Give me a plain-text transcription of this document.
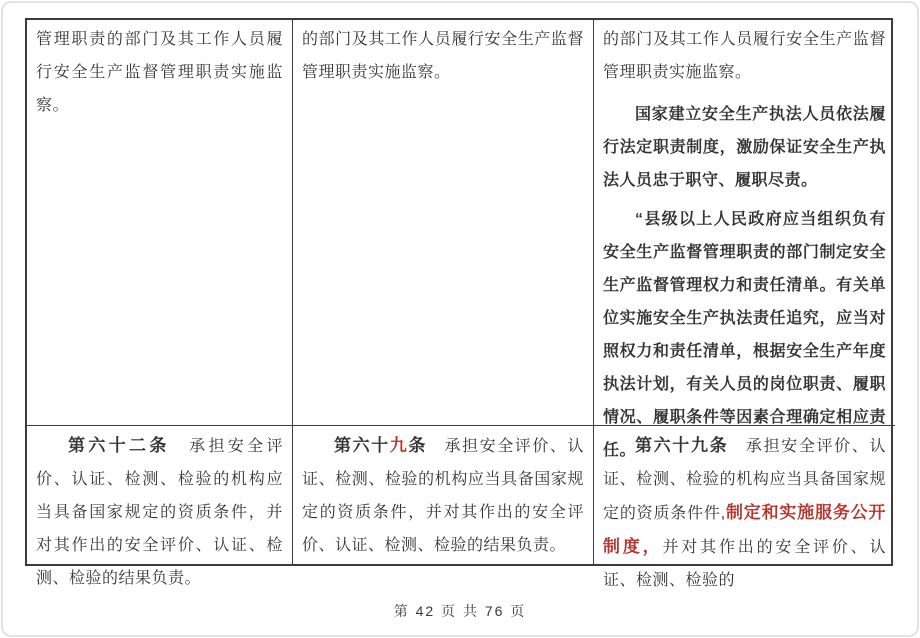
管理职责的部门及其工作人员履行安全生产监督管理职责实施监察。

的部门及其工作人员履行安全生产监督管理职责实施监察。

的部门及其工作人员履行安全生产监督管理职责实施监察。

国家建立安全生产执法人员依法履行法定职责制度，激励保证安全生产执法人员忠于职守、履职尽责。

“县级以上人民政府应当组织负有安全生产监督管理职责的部门制定安全生产监督管理权力和责任清单。有关单位实施安全生产执法责任追究，应当对照权力和责任清单，根据安全生产年度执法计划，有关人员的岗位职责、履职情况、履职条件等因素合理确定相应责任。

第六十二条　承担安全评价、认证、检测、检验的机构应当具备国家规定的资质条件，并对其作出的安全评价、认证、检测、检验的结果负责。

第六十九条　承担安全评价、认证、检测、检验的机构应当具备国家规定的资质条件，并对其作出的安全评价、认证、检测、检验的结果负责。

第六十九条　承担安全评价、认证、检测、检验的机构应当具备国家规定的资质条件件,制定和实施服务公开制度，并对其作出的安全评价、认证、检测、检验的

第 42 页 共 76 页
